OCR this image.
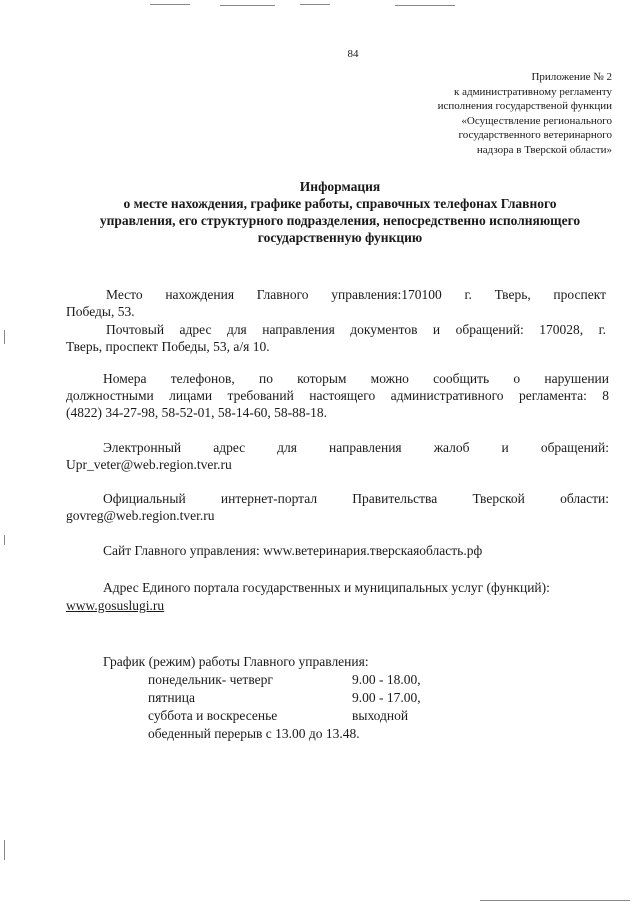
84
Приложение № 2
к административному регламенту
исполнения государственой функции
«Осуществление регионального
государственного ветеринарного
надзора в Тверской области»
Информация
о месте нахождения, графике работы, справочных телефонах Главного
управления, его структурного подразделения, непосредственно исполняющего
государственную функцию
Место нахождения Главного управления:170100 г. Тверь, проспект
Победы, 53.
Почтовый адрес для направления документов и обращений: 170028, г.
Тверь, проспект Победы, 53, а/я 10.
Номера телефонов, по которым можно сообщить о нарушении
должностными лицами требований настоящего административного регламента: 8
(4822) 34-27-98, 58-52-01, 58-14-60, 58-88-18.
Электронный адрес для направления жалоб и обращений:
Upr_veter@web.region.tver.ru
Официальный интернет-портал Правительства Тверской области:
govreg@web.region.tver.ru
Сайт Главного управления: www.ветеринария.тверскаяобласть.рф
Адрес Единого портала государственных и муниципальных услуг (функций):
www.gosuslugi.ru
График (режим) работы Главного управления:
понедельник- четверг	9.00 - 18.00,
пятница	9.00 - 17.00,
суббота и воскресенье	выходной
обеденный перерыв с 13.00 до 13.48.
